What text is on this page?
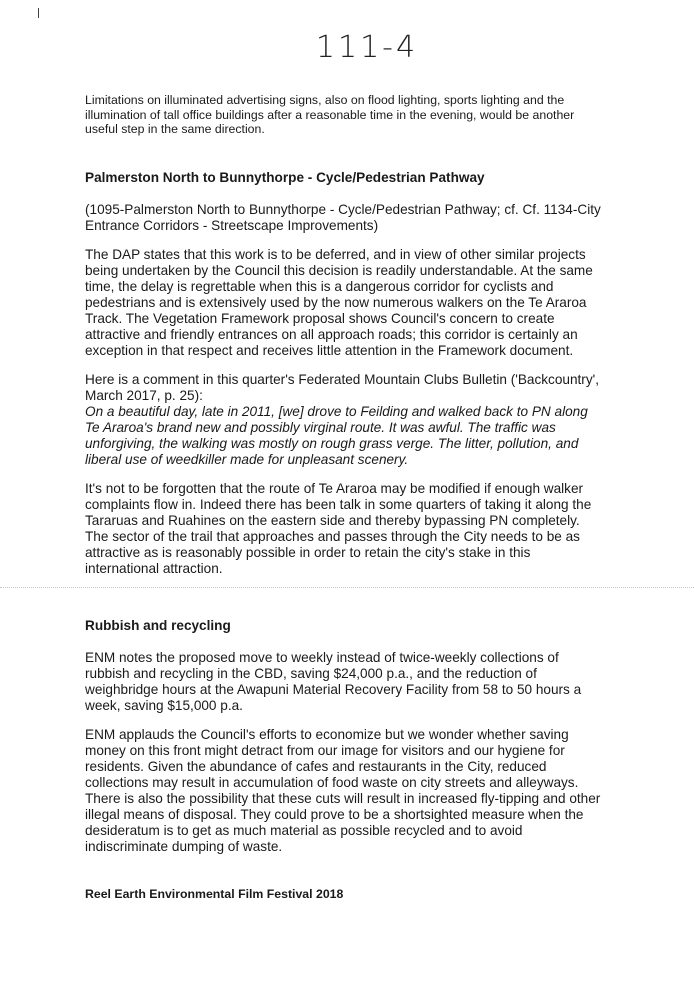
111-4

Limitations on illuminated advertising signs, also on flood lighting, sports lighting and the illumination of tall office buildings after a reasonable time in the evening, would be another useful step in the same direction.

Palmerston North to Bunnythorpe - Cycle/Pedestrian Pathway

(1095-Palmerston North to Bunnythorpe - Cycle/Pedestrian Pathway; cf. Cf. 1134-City Entrance Corridors - Streetscape Improvements)

The DAP states that this work is to be deferred, and in view of other similar projects being undertaken by the Council this decision is readily understandable. At the same time, the delay is regrettable when this is a dangerous corridor for cyclists and pedestrians and is extensively used by the now numerous walkers on the Te Araroa Track. The Vegetation Framework proposal shows Council's concern to create attractive and friendly entrances on all approach roads; this corridor is certainly an exception in that respect and receives little attention in the Framework document.

Here is a comment in this quarter's Federated Mountain Clubs Bulletin ('Backcountry', March 2017, p. 25):

On a beautiful day, late in 2011, [we] drove to Feilding and walked back to PN along Te Araroa's brand new and possibly virginal route. It was awful. The traffic was unforgiving, the walking was mostly on rough grass verge. The litter, pollution, and liberal use of weedkiller made for unpleasant scenery.

It's not to be forgotten that the route of Te Araroa may be modified if enough walker complaints flow in. Indeed there has been talk in some quarters of taking it along the Tararuas and Ruahines on the eastern side and thereby bypassing PN completely. The sector of the trail that approaches and passes through the City needs to be as attractive as is reasonably possible in order to retain the city's stake in this international attraction.

Rubbish and recycling

ENM notes the proposed move to weekly instead of twice-weekly collections of rubbish and recycling in the CBD, saving $24,000 p.a., and the reduction of weighbridge hours at the Awapuni Material Recovery Facility from 58 to 50 hours a week, saving $15,000 p.a.

ENM applauds the Council's efforts to economize but we wonder whether saving money on this front might detract from our image for visitors and our hygiene for residents. Given the abundance of cafes and restaurants in the City, reduced collections may result in accumulation of food waste on city streets and alleyways. There is also the possibility that these cuts will result in increased fly-tipping and other illegal means of disposal. They could prove to be a shortsighted measure when the desideratum is to get as much material as possible recycled and to avoid indiscriminate dumping of waste.

Reel Earth Environmental Film Festival 2018
